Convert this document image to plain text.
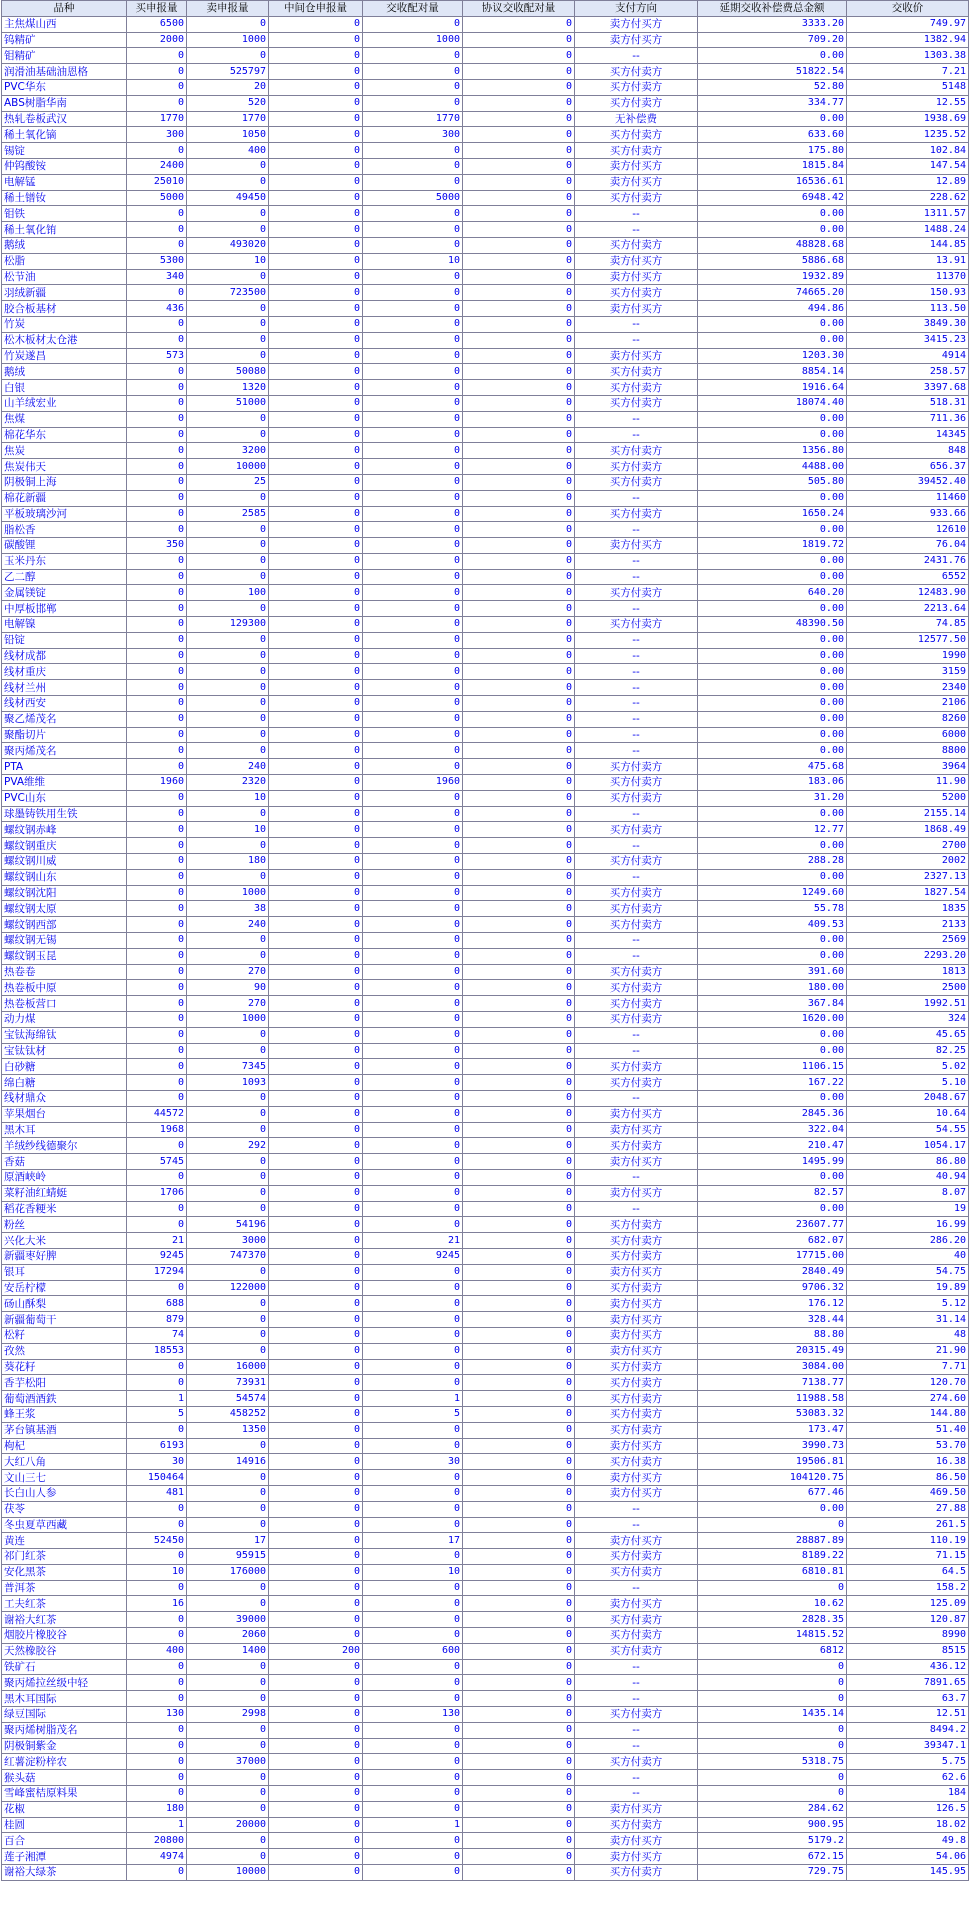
品种	买申报量	卖申报量	中间仓申报量	交收配对量	协议交收配对量	支付方向	延期交收补偿费总金额	交收价
主焦煤山西	6500	0	0	0	0	卖方付买方	3333.20	749.97
钨精矿	2000	1000	0	1000	0	卖方付买方	709.20	1382.94
钼精矿	0	0	0	0	0	--	0.00	1303.38
润滑油基础油恩格	0	525797	0	0	0	买方付卖方	51822.54	7.21
PVC华东	0	20	0	0	0	买方付卖方	52.80	5148
ABS树脂华南	0	520	0	0	0	买方付卖方	334.77	12.55
热轧卷板武汉	1770	1770	0	1770	0	无补偿费	0.00	1938.69
稀土氧化镝	300	1050	0	300	0	买方付卖方	633.60	1235.52
锡锭	0	400	0	0	0	买方付卖方	175.80	102.84
仲钨酸铵	2400	0	0	0	0	卖方付买方	1815.84	147.54
电解锰	25010	0	0	0	0	卖方付买方	16536.61	12.89
稀土镨钕	5000	49450	0	5000	0	买方付卖方	6948.42	228.62
钼铁	0	0	0	0	0	--	0.00	1311.57
稀土氧化铕	0	0	0	0	0	--	0.00	1488.24
鹅绒	0	493020	0	0	0	买方付卖方	48828.68	144.85
松脂	5300	10	0	10	0	卖方付买方	5886.68	13.91
松节油	340	0	0	0	0	卖方付买方	1932.89	11370
羽绒新疆	0	723500	0	0	0	买方付卖方	74665.20	150.93
胶合板基材	436	0	0	0	0	卖方付买方	494.86	113.50
竹炭	0	0	0	0	0	--	0.00	3849.30
松木板材太仓港	0	0	0	0	0	--	0.00	3415.23
竹炭遂昌	573	0	0	0	0	卖方付买方	1203.30	4914
鹅绒	0	50080	0	0	0	买方付卖方	8854.14	258.57
白银	0	1320	0	0	0	买方付卖方	1916.64	3397.68
山羊绒宏业	0	51000	0	0	0	买方付卖方	18074.40	518.31
焦煤	0	0	0	0	0	--	0.00	711.36
棉花华东	0	0	0	0	0	--	0.00	14345
焦炭	0	3200	0	0	0	买方付卖方	1356.80	848
焦炭伟天	0	10000	0	0	0	买方付卖方	4488.00	656.37
阴极铜上海	0	25	0	0	0	买方付卖方	505.80	39452.40
棉花新疆	0	0	0	0	0	--	0.00	11460
平板玻璃沙河	0	2585	0	0	0	买方付卖方	1650.24	933.66
脂松香	0	0	0	0	0	--	0.00	12610
碳酸锂	350	0	0	0	0	卖方付买方	1819.72	76.04
玉米丹东	0	0	0	0	0	--	0.00	2431.76
乙二醇	0	0	0	0	0	--	0.00	6552
金属镁锭	0	100	0	0	0	买方付卖方	640.20	12483.90
中厚板邯郸	0	0	0	0	0	--	0.00	2213.64
电解镍	0	129300	0	0	0	买方付卖方	48390.50	74.85
铅锭	0	0	0	0	0	--	0.00	12577.50
线材成都	0	0	0	0	0	--	0.00	1990
线材重庆	0	0	0	0	0	--	0.00	3159
线材兰州	0	0	0	0	0	--	0.00	2340
线材西安	0	0	0	0	0	--	0.00	2106
聚乙烯茂名	0	0	0	0	0	--	0.00	8260
聚酯切片	0	0	0	0	0	--	0.00	6000
聚丙烯茂名	0	0	0	0	0	--	0.00	8800
PTA	0	240	0	0	0	买方付卖方	475.68	3964
PVA维维	1960	2320	0	1960	0	买方付卖方	183.06	11.90
PVC山东	0	10	0	0	0	买方付卖方	31.20	5200
球墨铸铁用生铁	0	0	0	0	0	--	0.00	2155.14
螺纹钢赤峰	0	10	0	0	0	买方付卖方	12.77	1868.49
螺纹钢重庆	0	0	0	0	0	--	0.00	2700
螺纹钢川威	0	180	0	0	0	买方付卖方	288.28	2002
螺纹钢山东	0	0	0	0	0	--	0.00	2327.13
螺纹钢沈阳	0	1000	0	0	0	买方付卖方	1249.60	1827.54
螺纹钢太原	0	38	0	0	0	买方付卖方	55.78	1835
螺纹钢西部	0	240	0	0	0	买方付卖方	409.53	2133
螺纹钢无锡	0	0	0	0	0	--	0.00	2569
螺纹钢玉昆	0	0	0	0	0	--	0.00	2293.20
热卷卷	0	270	0	0	0	买方付卖方	391.60	1813
热卷板中原	0	90	0	0	0	买方付卖方	180.00	2500
热卷板营口	0	270	0	0	0	买方付卖方	367.84	1992.51
动力煤	0	1000	0	0	0	买方付卖方	1620.00	324
宝钛海绵钛	0	0	0	0	0	--	0.00	45.65
宝钛钛材	0	0	0	0	0	--	0.00	82.25
白砂糖	0	7345	0	0	0	买方付卖方	1106.15	5.02
绵白糖	0	1093	0	0	0	买方付卖方	167.22	5.10
线材鼎众	0	0	0	0	0	--	0.00	2048.67
苹果烟台	44572	0	0	0	0	卖方付买方	2845.36	10.64
黑木耳	1968	0	0	0	0	卖方付买方	322.04	54.55
羊绒纱线德聚尔	0	292	0	0	0	买方付卖方	210.47	1054.17
香菇	5745	0	0	0	0	卖方付买方	1495.99	86.80
原酒峡岭	0	0	0	0	0	--	0.00	40.94
菜籽油红蜻蜓	1706	0	0	0	0	卖方付买方	82.57	8.07
稻花香粳米	0	0	0	0	0	--	0.00	19
粉丝	0	54196	0	0	0	买方付卖方	23607.77	16.99
兴化大米	21	3000	0	21	0	买方付卖方	682.07	286.20
新疆枣好脾	9245	747370	0	9245	0	买方付卖方	17715.00	40
银耳	17294	0	0	0	0	卖方付买方	2840.49	54.75
安岳柠檬	0	122000	0	0	0	买方付卖方	9706.32	19.89
砀山酥梨	688	0	0	0	0	卖方付买方	176.12	5.12
新疆葡萄干	879	0	0	0	0	卖方付买方	328.44	31.14
松籽	74	0	0	0	0	卖方付买方	88.80	48
孜然	18553	0	0	0	0	卖方付买方	20315.49	21.90
葵花籽	0	16000	0	0	0	买方付卖方	3084.00	7.71
香芋松阳	0	73931	0	0	0	买方付卖方	7138.77	120.70
葡萄酒酒鉄	1	54574	0	1	0	买方付卖方	11988.58	274.60
蜂王浆	5	458252	0	5	0	买方付卖方	53083.32	144.80
茅台镇基酒	0	1350	0	0	0	买方付卖方	173.47	51.40
枸杞	6193	0	0	0	0	卖方付买方	3990.73	53.70
大红八角	30	14916	0	30	0	买方付卖方	19506.81	16.38
文山三七	150464	0	0	0	0	卖方付买方	104120.75	86.50
长白山人参	481	0	0	0	0	卖方付买方	677.46	469.50
茯苓	0	0	0	0	0	--	0.00	27.88
冬虫夏草西藏	0	0	0	0	0	--	0	261.5
黄连	52450	17	0	17	0	卖方付买方	28887.89	110.19
祁门红茶	0	95915	0	0	0	买方付卖方	8189.22	71.15
安化黑茶	10	176000	0	10	0	买方付卖方	6810.81	64.5
普洱茶	0	0	0	0	0	--	0	158.2
工夫红茶	16	0	0	0	0	卖方付买方	10.62	125.09
谢裕大红茶	0	39000	0	0	0	买方付卖方	2828.35	120.87
烟胶片橡胶谷	0	2060	0	0	0	买方付卖方	14815.52	8990
天然橡胶谷	400	1400	200	600	0	买方付卖方	6812	8515
铁矿石	0	0	0	0	0	--	0	436.12
聚丙烯拉丝级中轻	0	0	0	0	0	--	0	7891.65
黑木耳国际	0	0	0	0	0	--	0	63.7
绿豆国际	130	2998	0	130	0	买方付卖方	1435.14	12.51
聚丙烯树脂茂名	0	0	0	0	0	--	0	8494.2
阴极铜紫金	0	0	0	0	0	--	0	39347.1
红薯淀粉梓农	0	37000	0	0	0	买方付卖方	5318.75	5.75
猴头菇	0	0	0	0	0	--	0	62.6
雪峰蜜桔原料果	0	0	0	0	0	--	0	184
花椒	180	0	0	0	0	卖方付买方	284.62	126.5
桂圆	1	20000	0	1	0	买方付卖方	900.95	18.02
百合	20800	0	0	0	0	卖方付买方	5179.2	49.8
莲子湘潭	4974	0	0	0	0	卖方付买方	672.15	54.06
谢裕大绿茶	0	10000	0	0	0	买方付卖方	729.75	145.95
